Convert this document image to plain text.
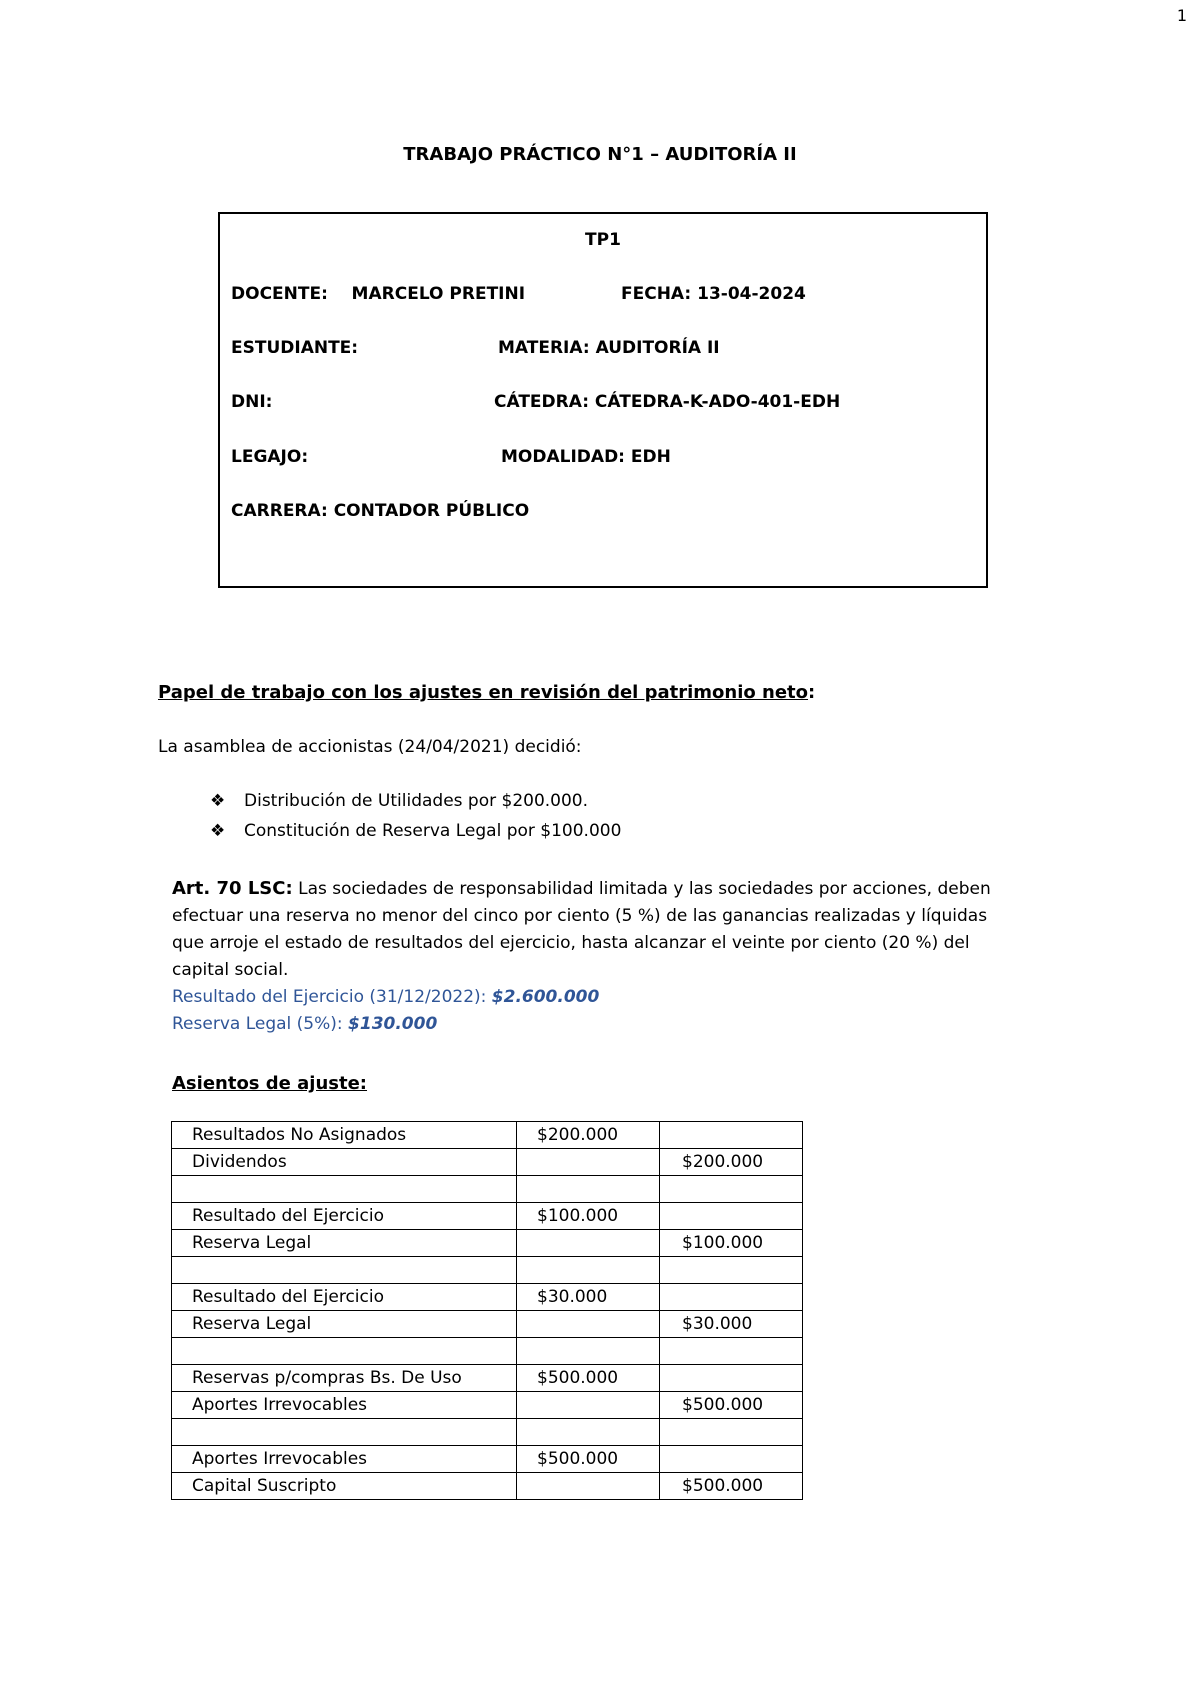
1
TRABAJO PRÁCTICO N°1 – AUDITORÍA II
TP1
DOCENTE:    MARCELO PRETINI	FECHA: 13-04-2024
ESTUDIANTE:	MATERIA: AUDITORÍA II
DNI:	CÁTEDRA: CÁTEDRA-K-ADO-401-EDH
LEGAJO:	MODALIDAD: EDH
CARRERA: CONTADOR PÚBLICO
Papel de trabajo con los ajustes en revisión del patrimonio neto:
La asamblea de accionistas (24/04/2021) decidió:
❖ Distribución de Utilidades por $200.000.
❖ Constitución de Reserva Legal por $100.000
Art. 70 LSC: Las sociedades de responsabilidad limitada y las sociedades por acciones, deben efectuar una reserva no menor del cinco por ciento (5 %) de las ganancias realizadas y líquidas que arroje el estado de resultados del ejercicio, hasta alcanzar el veinte por ciento (20 %) del capital social.
Resultado del Ejercicio (31/12/2022): $2.600.000
Reserva Legal (5%): $130.000
Asientos de ajuste:
Resultados No Asignados	$200.000	
Dividendos		$200.000

Resultado del Ejercicio	$100.000	
Reserva Legal		$100.000

Resultado del Ejercicio	$30.000	
Reserva Legal		$30.000

Reservas p/compras Bs. De Uso	$500.000	
Aportes Irrevocables		$500.000

Aportes Irrevocables	$500.000	
Capital Suscripto		$500.000
